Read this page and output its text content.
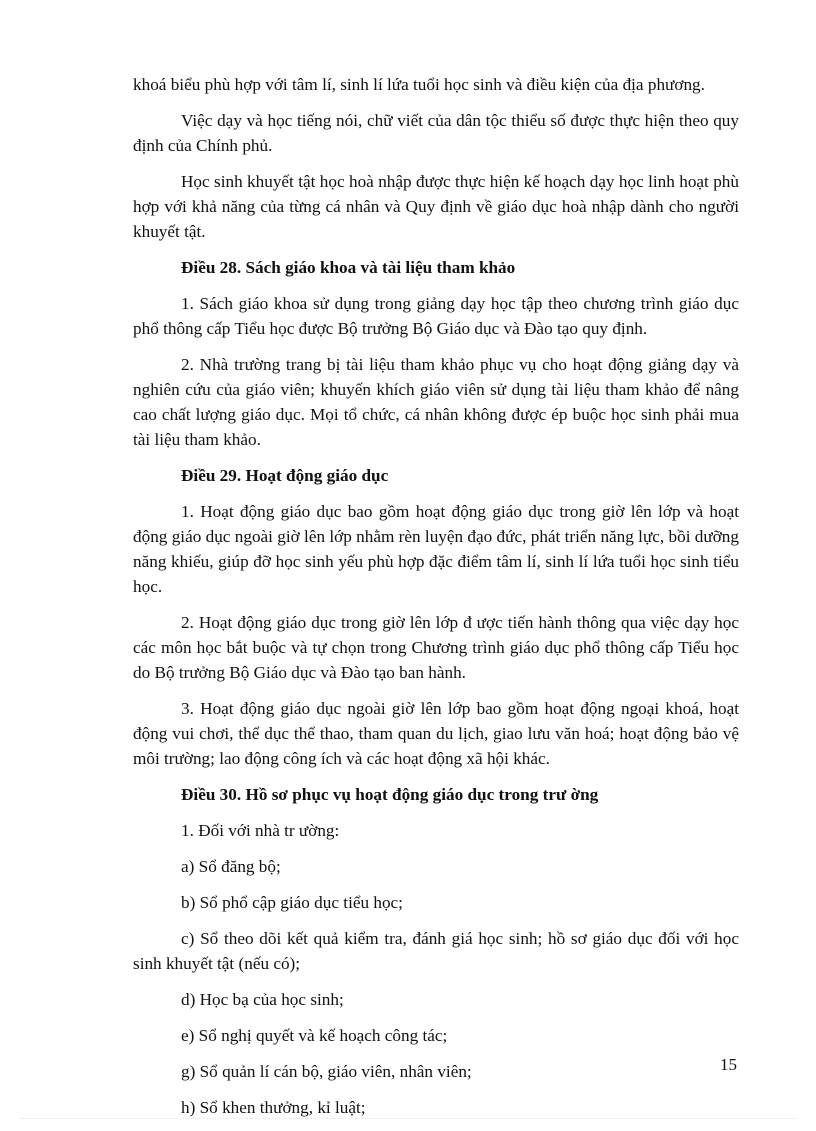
khoá biểu phù hợp với tâm lí, sinh lí lứa tuổi học sinh và điều kiện của địa phương.

Việc dạy và học tiếng nói, chữ viết của dân tộc thiểu số được thực hiện theo quy định của Chính phủ.

Học sinh khuyết tật học hoà nhập được thực hiện kế hoạch dạy học linh hoạt phù hợp với khả năng của từng cá nhân và Quy định về giáo dục hoà nhập dành cho người khuyết tật.

Điều 28. Sách giáo khoa và tài liệu tham khảo

1. Sách giáo khoa sử dụng trong giảng dạy học tập theo chương trình giáo dục phổ thông cấp Tiểu học được Bộ trưởng Bộ Giáo dục và Đào tạo quy định.

2. Nhà trường trang bị tài liệu tham khảo phục vụ cho hoạt động giảng dạy và nghiên cứu của giáo viên; khuyến khích giáo viên sử dụng tài liệu tham khảo để nâng cao chất lượng giáo dục. Mọi tổ chức, cá nhân không được ép buộc học sinh phải mua tài liệu tham khảo.

Điều 29. Hoạt động giáo dục

1. Hoạt động giáo dục bao gồm hoạt động giáo dục trong giờ lên lớp và hoạt động giáo dục ngoài giờ lên lớp nhằm rèn luyện đạo đức, phát triển năng lực, bồi dưỡng năng khiếu, giúp đỡ học sinh yếu phù hợp đặc điểm tâm lí, sinh lí lứa tuổi học sinh tiểu học.

2. Hoạt động giáo dục trong giờ lên lớp đ ược tiến hành thông qua việc dạy học các môn học bắt buộc và tự chọn trong Chương trình giáo dục phổ thông cấp Tiểu học do Bộ trưởng Bộ Giáo dục và Đào tạo ban hành.

3. Hoạt động giáo dục ngoài giờ lên lớp bao gồm hoạt động ngoại khoá, hoạt động vui chơi, thể dục thể thao, tham quan du lịch, giao lưu văn hoá; hoạt động bảo vệ môi trường; lao động công ích và các hoạt động xã hội khác.

Điều 30. Hồ sơ phục vụ hoạt động giáo dục trong trư ờng

1. Đối với nhà tr ường:

a) Sổ đăng bộ;

b) Sổ phổ cập giáo dục tiểu học;

c) Sổ theo dõi kết quả kiểm tra, đánh giá học sinh; hồ sơ giáo dục đối với học sinh khuyết tật (nếu có);

d) Học bạ của học sinh;

e) Sổ nghị quyết và kế hoạch công tác;

g) Sổ quản lí cán bộ, giáo viên, nhân viên;

h) Sổ khen thưởng, kỉ luật;

15
